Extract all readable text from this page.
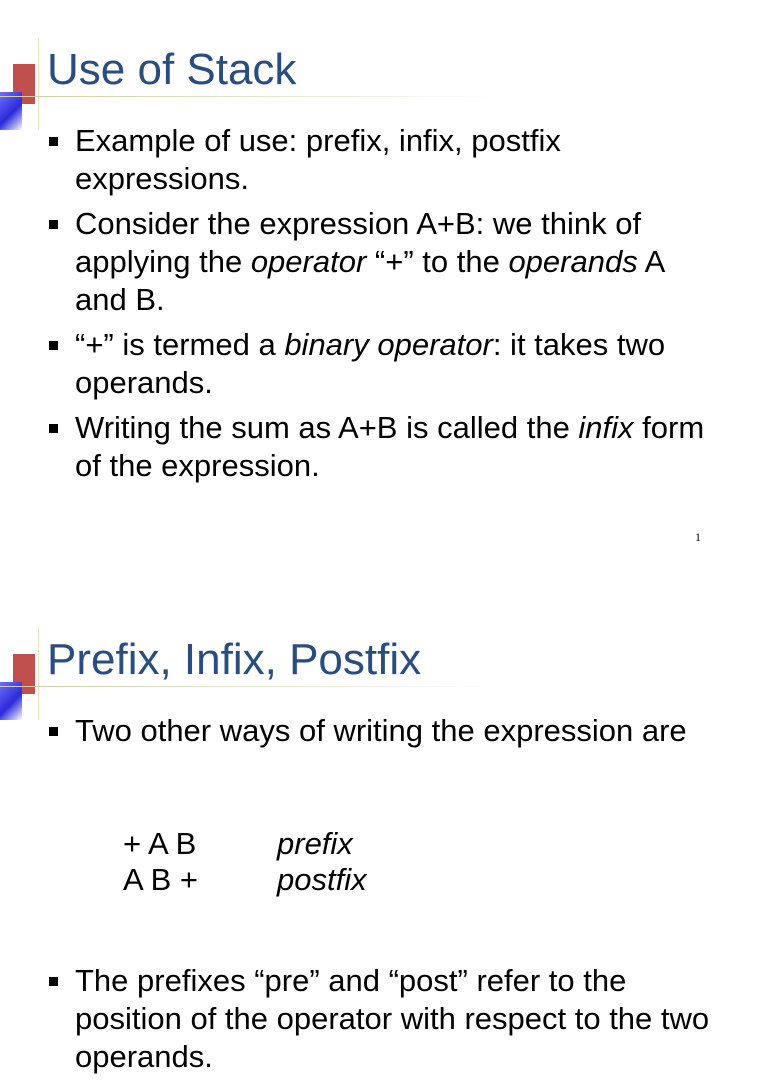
Use of Stack
Example of use: prefix, infix, postfix expressions.
Consider the expression A+B: we think of applying the operator “+” to the operands A and B.
“+” is termed a binary operator: it takes two operands.
Writing the sum as A+B is called the infix form of the expression.
1
Prefix, Infix, Postfix
Two other ways of writing the expression are
+ A B	prefix
A B +	postfix
The prefixes “pre” and “post” refer to the position of the operator with respect to the two operands.
